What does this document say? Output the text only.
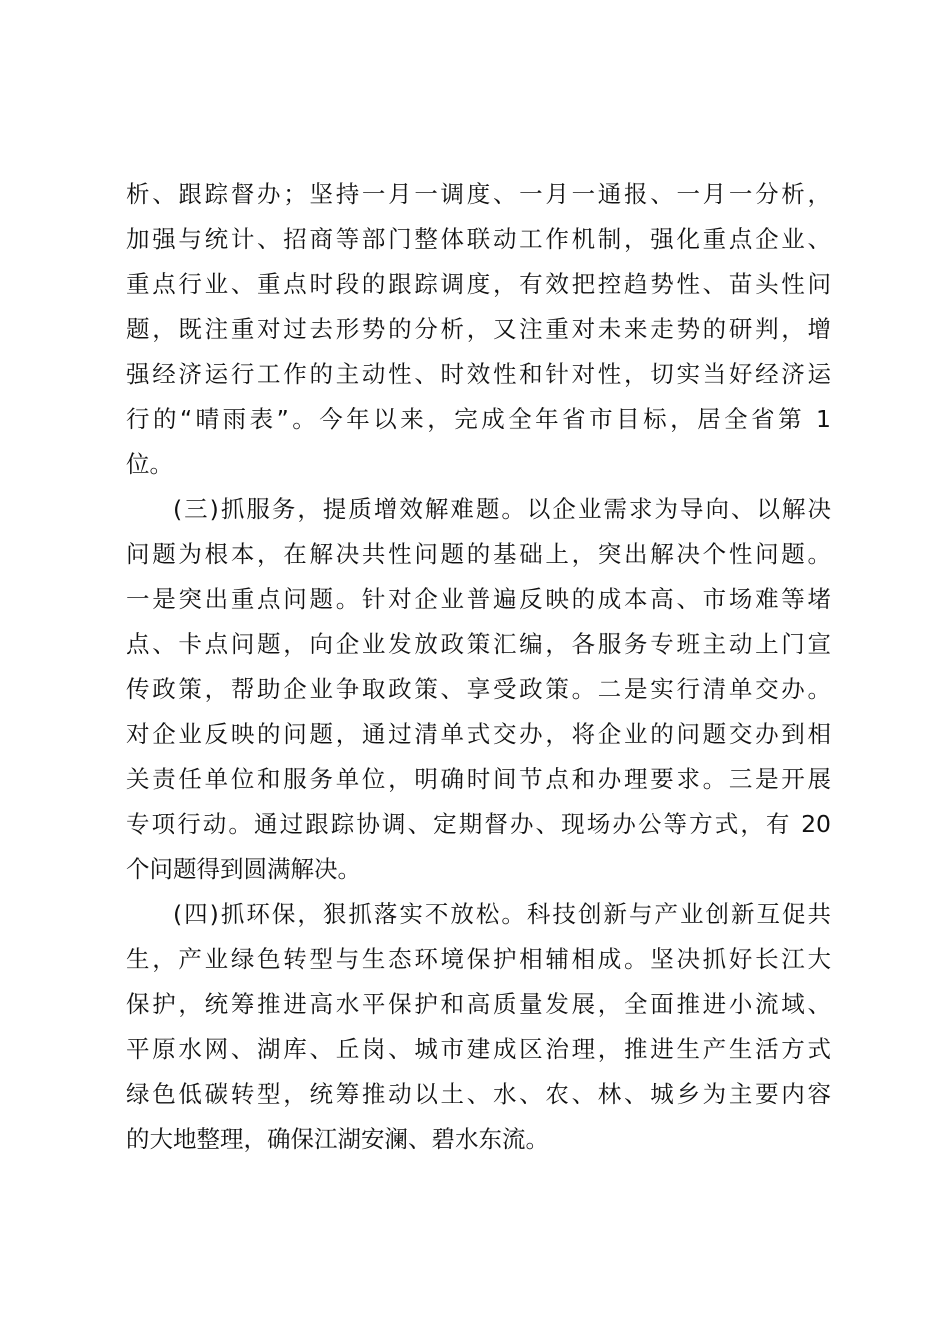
析、跟踪督办；坚持一月一调度、一月一通报、一月一分析，
加强与统计、招商等部门整体联动工作机制，强化重点企业、
重点行业、重点时段的跟踪调度，有效把控趋势性、苗头性问
题，既注重对过去形势的分析，又注重对未来走势的研判，增
强经济运行工作的主动性、时效性和针对性，切实当好经济运
行的“晴雨表”。今年以来，完成全年省市目标，居全省第 1
位。
(三)抓服务，提质增效解难题。以企业需求为导向、以解决
问题为根本，在解决共性问题的基础上，突出解决个性问题。
一是突出重点问题。针对企业普遍反映的成本高、市场难等堵
点、卡点问题，向企业发放政策汇编，各服务专班主动上门宣
传政策，帮助企业争取政策、享受政策。二是实行清单交办。
对企业反映的问题，通过清单式交办，将企业的问题交办到相
关责任单位和服务单位，明确时间节点和办理要求。三是开展
专项行动。通过跟踪协调、定期督办、现场办公等方式，有 20
个问题得到圆满解决。
(四)抓环保，狠抓落实不放松。科技创新与产业创新互促共
生，产业绿色转型与生态环境保护相辅相成。坚决抓好长江大
保护，统筹推进高水平保护和高质量发展，全面推进小流域、
平原水网、湖库、丘岗、城市建成区治理，推进生产生活方式
绿色低碳转型，统筹推动以土、水、农、林、城乡为主要内容
的大地整理，确保江湖安澜、碧水东流。
